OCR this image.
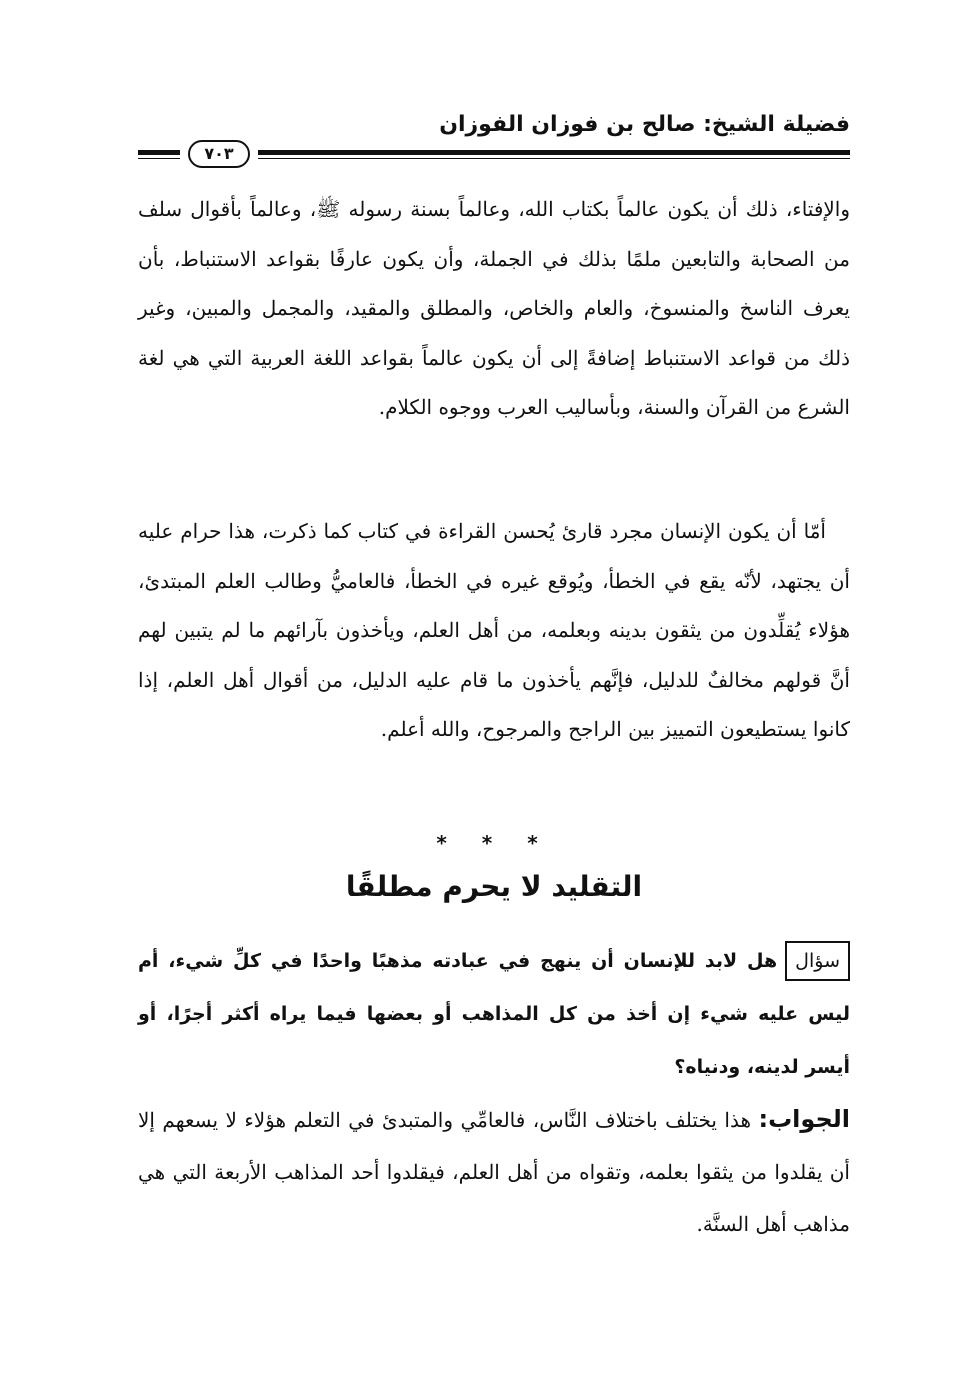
فضيلة الشيخ: صالح بن فوزان الفوزان
٧٠٣

والإفتاء، ذلك أن يكون عالماً بكتاب الله، وعالماً بسنة رسوله ﷺ، وعالماً بأقوال سلف من الصحابة والتابعين ملمًا بذلك في الجملة، وأن يكون عارفًا بقواعد الاستنباط، بأن يعرف الناسخ والمنسوخ، والعام والخاص، والمطلق والمقيد، والمجمل والمبين، وغير ذلك من قواعد الاستنباط إضافةً إلى أن يكون عالماً بقواعد اللغة العربية التي هي لغة الشرع من القرآن والسنة، وبأساليب العرب ووجوه الكلام.

أمّا أن يكون الإنسان مجرد قارئ يُحسن القراءة في كتاب كما ذكرت، هذا حرام عليه أن يجتهد، لأنّه يقع في الخطأ، ويُوقع غيره في الخطأ، فالعاميُّ وطالب العلم المبتدئ، هؤلاء يُقلِّدون من يثقون بدينه وبعلمه، من أهل العلم، ويأخذون بآرائهم ما لم يتبين لهم أنَّ قولهم مخالفٌ للدليل، فإنَّهم يأخذون ما قام عليه الدليل، من أقوال أهل العلم، إذا كانوا يستطيعون التمييز بين الراجح والمرجوح، والله أعلم.

* * *
التقليد لا يحرم مطلقًا

سؤالهل لابد للإنسان أن ينهج في عبادته مذهبًا واحدًا في كلِّ شيء، أم ليس عليه شيء إن أخذ من كل المذاهب أو بعضها فيما يراه أكثر أجرًا، أو أيسر لدينه، ودنياه؟

الجواب: هذا يختلف باختلاف النَّاس، فالعامِّي والمتبدئ في التعلم هؤلاء لا يسعهم إلا أن يقلدوا من يثقوا بعلمه، وتقواه من أهل العلم، فيقلدوا أحد المذاهب الأربعة التي هي مذاهب أهل السنَّة.
